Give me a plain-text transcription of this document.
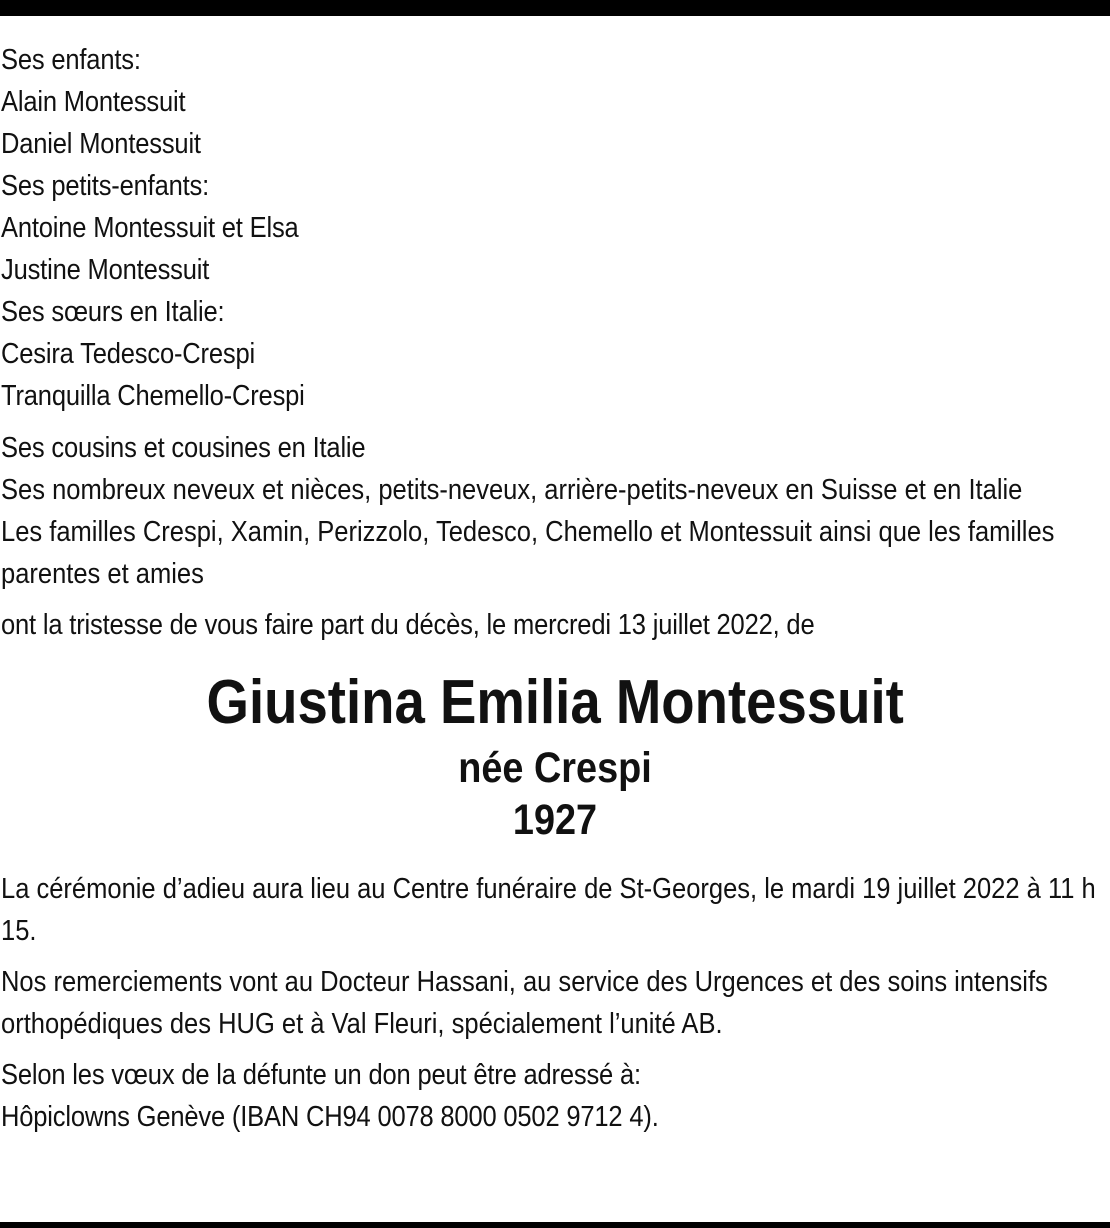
Ses enfants:
Alain Montessuit
Daniel Montessuit
Ses petits-enfants:
Antoine Montessuit et Elsa
Justine Montessuit
Ses sœurs en Italie:
Cesira Tedesco-Crespi
Tranquilla Chemello-Crespi
Ses cousins et cousines en Italie
Ses nombreux neveux et nièces, petits-neveux, arrière-petits-neveux en Suisse et en Italie
Les familles Crespi, Xamin, Perizzolo, Tedesco, Chemello et Montessuit ainsi que les familles parentes et amies
ont la tristesse de vous faire part du décès, le mercredi 13 juillet 2022, de
Giustina Emilia Montessuit
née Crespi
1927
La cérémonie d’adieu aura lieu au Centre funéraire de St-Georges, le mardi 19 juillet 2022 à 11 h 15.
Nos remerciements vont au Docteur Hassani, au service des Urgences et des soins intensifs orthopédiques des HUG et à Val Fleuri, spécialement l’unité AB.
Selon les vœux de la défunte un don peut être adressé à:
Hôpiclowns Genève (IBAN CH94 0078 8000 0502 9712 4).
